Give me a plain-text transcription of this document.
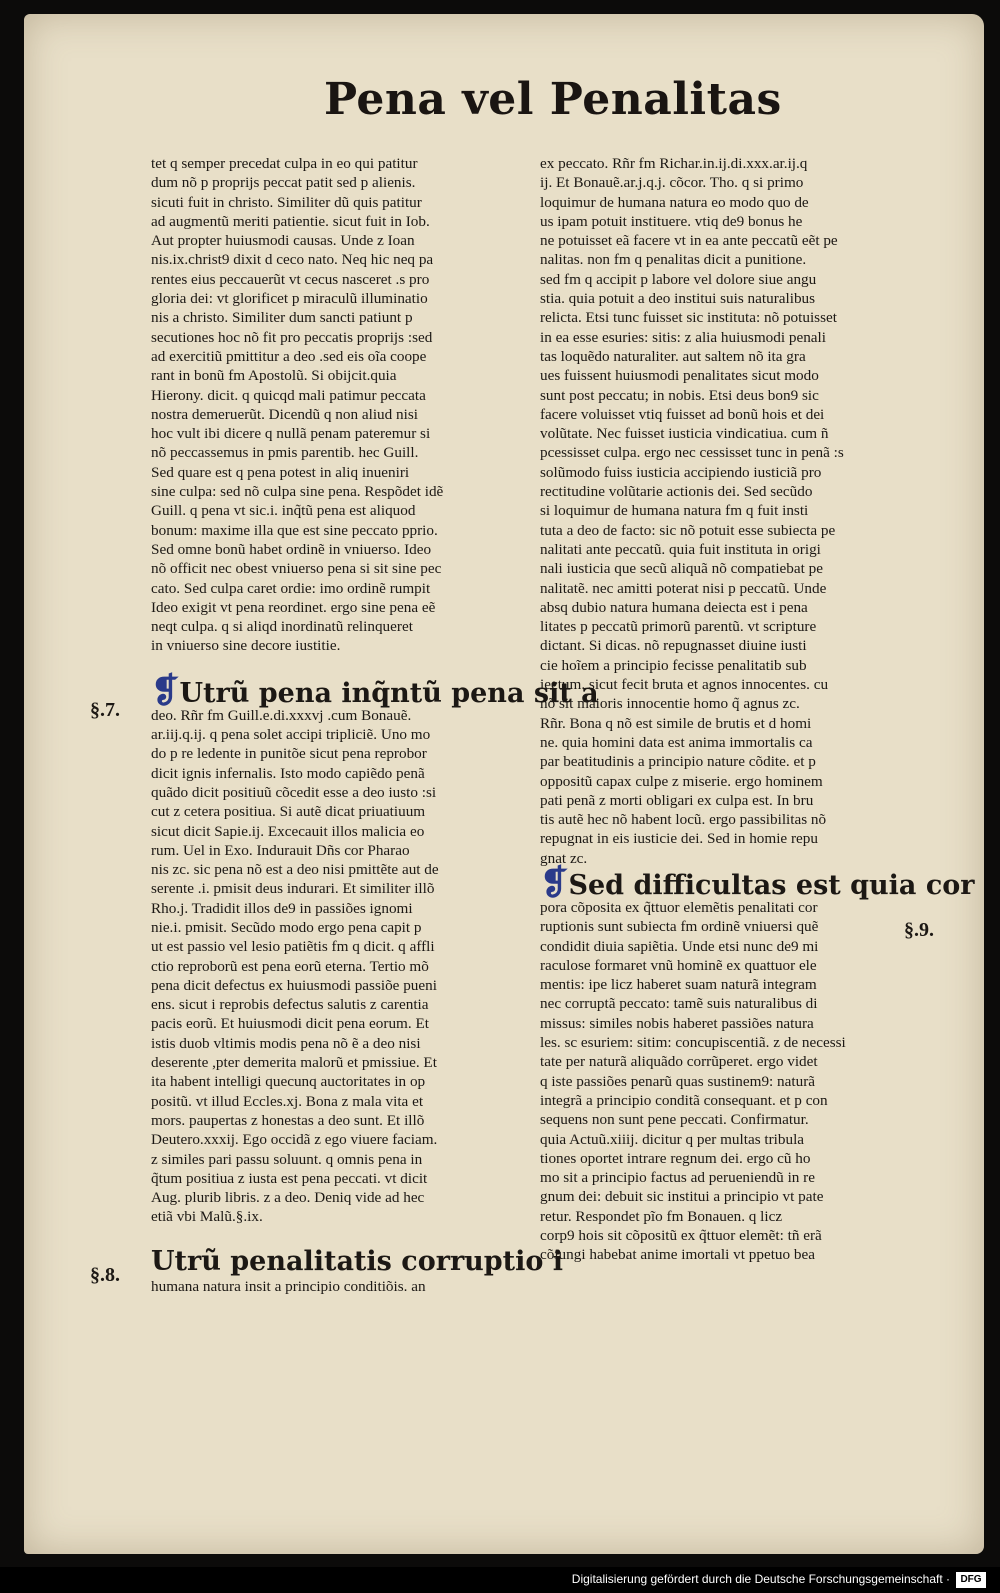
Pena vel Penalitas
tet q semper precedat culpa in eo qui patitur
dum nõ p proprijs peccat patit sed p alienis.
sicuti fuit in christo. Similiter dũ quis patitur
ad augmentũ meriti patientie. sicut fuit in Iob.
Aut propter huiusmodi causas. Unde z Ioan
nis.ix.christ9 dixit d ceco nato. Neq hic neq pa
rentes eius peccauerũt vt cecus nasceret .s pro
gloria dei: vt glorificet p miraculũ illuminatio
nis a christo. Similiter dum sancti patiunt p
secutiones hoc nõ fit pro peccatis proprijs :sed
ad exercitiũ pmittitur a deo .sed eis oĩa coope
rant in bonũ fm Apostolũ. Si obijcit.quia
Hierony. dicit. q quicqd mali patimur peccata
nostra demeruerũt. Dicendũ q non aliud nisi
hoc vult ibi dicere q nullã penam pateremur si
nõ peccassemus in pmis parentib. hec Guill.
Sed quare est q pena potest in aliq inueniri
sine culpa: sed nõ culpa sine pena. Respõdet idẽ
Guill. q pena vt sic.i. inq̃tũ pena est aliquod
bonum: maxime illa que est sine peccato pprio.
Sed omne bonũ habet ordinẽ in vniuerso. Ideo
nõ officit nec obest vniuerso pena si sit sine pec
cato. Sed culpa caret ordie: imo ordinẽ rumpit
Ideo exigit vt pena reordinet. ergo sine pena eẽ
neqt culpa. q si aliqd inordinatũ relinqueret
in vniuerso sine decore iustitie.
❡Utrũ pena inq̃ntũ pena sit a
deo. Rñr fm Guill.e.di.xxxvj .cum Bonauẽ.
ar.iij.q.ij. q pena solet accipi tripliciẽ. Uno mo
do p re ledente in punitõe sicut pena reprobor
dicit ignis infernalis. Isto modo capiẽdo penã
quãdo dicit positiuũ cõcedit esse a deo iusto :si
cut z cetera positiua. Si autẽ dicat priuatiuum
sicut dicit Sapie.ij. Excecauit illos malicia eo
rum. Uel in Exo. Indurauit Dñs cor Pharao
nis zc. sic pena nõ est a deo nisi pmittẽte aut de
serente .i. pmisit deus indurari. Et similiter illõ
Rho.j. Tradidit illos de9 in passiões ignomi
nie.i. pmisit. Secũdo modo ergo pena capit p
ut est passio vel lesio patiẽtis fm q dicit. q affli
ctio reproborũ est pena eorũ eterna. Tertio mõ
pena dicit defectus ex huiusmodi passiõe pueni
ens. sicut i reprobis defectus salutis z carentia
pacis eorũ. Et huiusmodi dicit pena eorum. Et
istis duob vltimis modis pena nõ ẽ a deo nisi
deserente ,pter demerita malorũ et pmissiue. Et
ita habent intelligi quecunq auctoritates in op
positũ. vt illud Eccles.xj. Bona z mala vita et
mors. paupertas z honestas a deo sunt. Et illõ
Deutero.xxxij. Ego occidã z ego viuere faciam.
z similes pari passu soluunt. q omnis pena in
q̃tum positiua z iusta est pena peccati. vt dicit
Aug. plurib libris. z a deo. Deniq vide ad hec
etiã vbi Malũ.§.ix.
Utrũ penalitatis corruptio i
humana natura insit a principio conditiõis. an
ex peccato. Rñr fm Richar.in.ij.di.xxx.ar.ij.q
ij. Et Bonauẽ.ar.j.q.j. cõcor. Tho. q si primo
loquimur de humana natura eo modo quo de
us ipam potuit instituere. vtiq de9 bonus he
ne potuisset eã facere vt in ea ante peccatũ eẽt pe
nalitas. non fm q penalitas dicit a punitione.
sed fm q accipit p labore vel dolore siue angu
stia. quia potuit a deo institui suis naturalibus
relicta. Etsi tunc fuisset sic instituta: nõ potuisset
in ea esse esuries: sitis: z alia huiusmodi penali
tas loquẽdo naturaliter. aut saltem nõ ita gra
ues fuissent huiusmodi penalitates sicut modo
sunt post peccatu; in nobis. Etsi deus bon9 sic
facere voluisset vtiq fuisset ad bonũ hois et dei
volũtate. Nec fuisset iusticia vindicatiua. cum ñ
pcessisset culpa. ergo nec cessisset tunc in penã :s
solũmodo fuiss iusticia accipiendo iusticiã pro
rectitudine volũtarie actionis dei. Sed secũdo
si loquimur de humana natura fm q fuit insti
tuta a deo de facto: sic nõ potuit esse subiecta pe
nalitati ante peccatũ. quia fuit instituta in origi
nali iusticia que secũ aliquã nõ compatiebat pe
nalitatẽ. nec amitti poterat nisi p peccatũ. Unde
absq dubio natura humana deiecta est i pena
litates p peccatũ primorũ parentũ. vt scripture
dictant. Si dicas. nõ repugnasset diuine iusti
cie hoĩem a principio fecisse penalitatib sub
iectum. sicut fecit bruta et agnos innocentes. cu
nõ sit maioris innocentie homo q̃ agnus zc.
Rñr. Bona q nõ est simile de brutis et d homi
ne. quia homini data est anima immortalis ca
par beatitudinis a principio nature cõdite. et p
oppositũ capax culpe z miserie. ergo hominem
pati penã z morti obligari ex culpa est. In bru
tis autẽ hec nõ habent locũ. ergo passibilitas nõ
repugnat in eis iusticie dei. Sed in homie repu
gnat zc.
❡Sed difficultas est quia cor
pora cõposita ex q̃ttuor elemẽtis penalitati cor
ruptionis sunt subiecta fm ordinẽ vniuersi quẽ
condidit diuia sapiẽtia. Unde etsi nunc de9 mi
raculose formaret vnũ hominẽ ex quattuor ele
mentis: ipe licz haberet suam naturã integram
nec corruptã peccato: tamẽ suis naturalibus di
missus: similes nobis haberet passiões natura
les. sc esuriem: sitim: concupiscentiã. z de necessi
tate per naturã aliquãdo corrũperet. ergo videt
q iste passiões penarũ quas sustinem9: naturã
integrã a principio conditã consequant. et p con
sequens non sunt pene peccati. Confirmatur.
quia Actuũ.xiiij. dicitur q per multas tribula
tiones oportet intrare regnum dei. ergo cũ ho
mo sit a principio factus ad perueniendũ in re
gnum dei: debuit sic institui a principio vt pate
retur. Respondet pĩo fm Bonauen. q licz
corp9 hois sit cõpositũ ex q̃ttuor elemẽt: tñ erã
cõiungi habebat anime imortali vt ppetuo bea
§.7.
§.8.
§.9.
Digitalisierung gefördert durch die Deutsche Forschungsgemeinschaft ·	DFG
